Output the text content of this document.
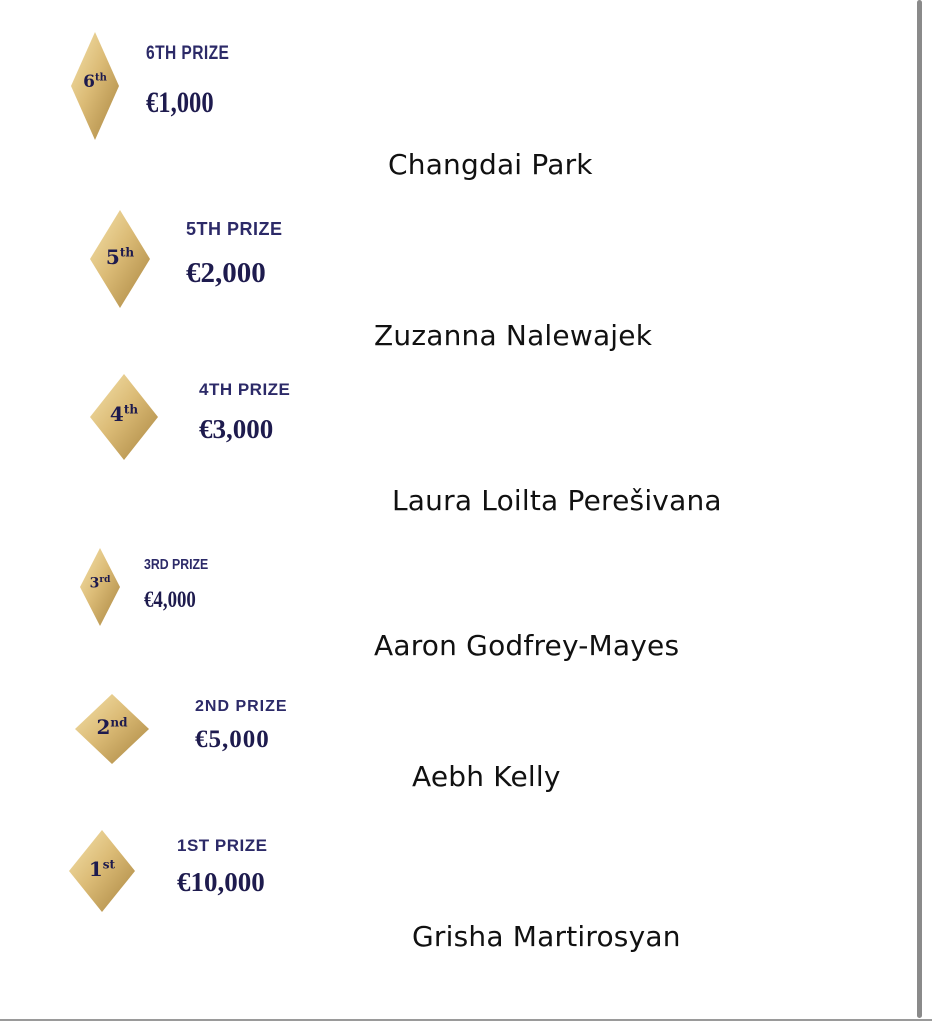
6th
6TH PRIZE
€1,000
Changdai Park
5th
5TH PRIZE
€2,000
Zuzanna Nalewajek
4th
4TH PRIZE
€3,000
Laura Loilta Perešivana
3rd
3RD PRIZE
€4,000
Aaron Godfrey-Mayes
2nd
2ND PRIZE
€5,000
Aebh Kelly
1st
1ST PRIZE
€10,000
Grisha Martirosyan
